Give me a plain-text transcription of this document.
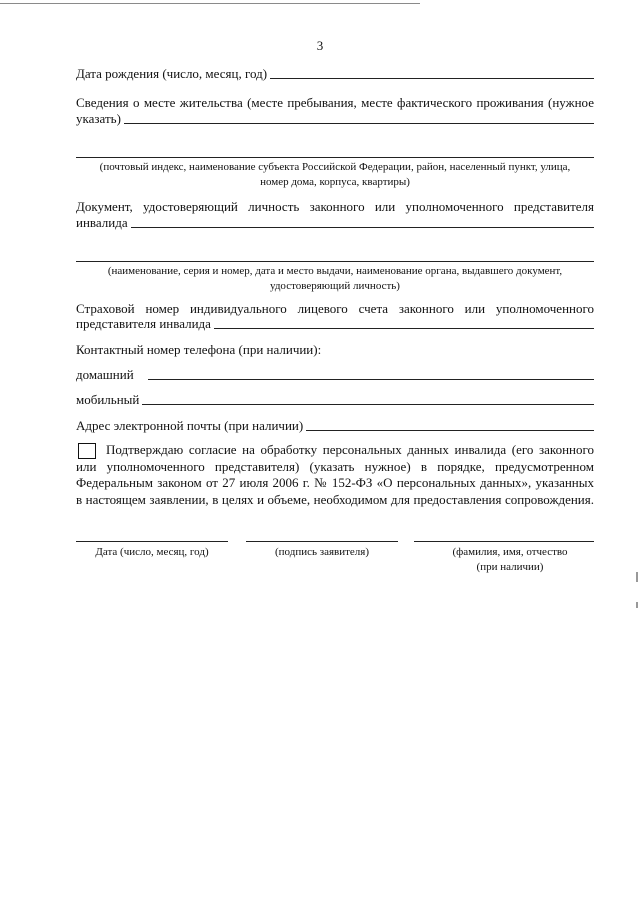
3
Дата рождения (число, месяц, год)
Сведения о месте жительства (месте пребывания, месте фактического проживания (нужное
указать)
(почтовый индекс, наименование субъекта Российской Федерации, район, населенный пункт, улица,
номер дома, корпуса, квартиры)
Документ, удостоверяющий личность законного или уполномоченного представителя
инвалида
(наименование, серия и номер, дата и место выдачи, наименование органа, выдавшего документ,
удостоверяющий личность)
Страховой номер индивидуального лицевого счета законного или уполномоченного
представителя инвалида
Контактный номер телефона (при наличии):
домашний
мобильный
Адрес электронной почты (при наличии)
Подтверждаю согласие на обработку персональных данных инвалида (его законного
или уполномоченного представителя) (указать нужное) в порядке, предусмотренном
Федеральным законом от 27 июля 2006 г. № 152-ФЗ «О персональных данных», указанных
в настоящем заявлении, в целях и объеме, необходимом для предоставления сопровождения.
Дата (число, месяц, год)	(подпись заявителя)	(фамилия, имя, отчество
(при наличии)
